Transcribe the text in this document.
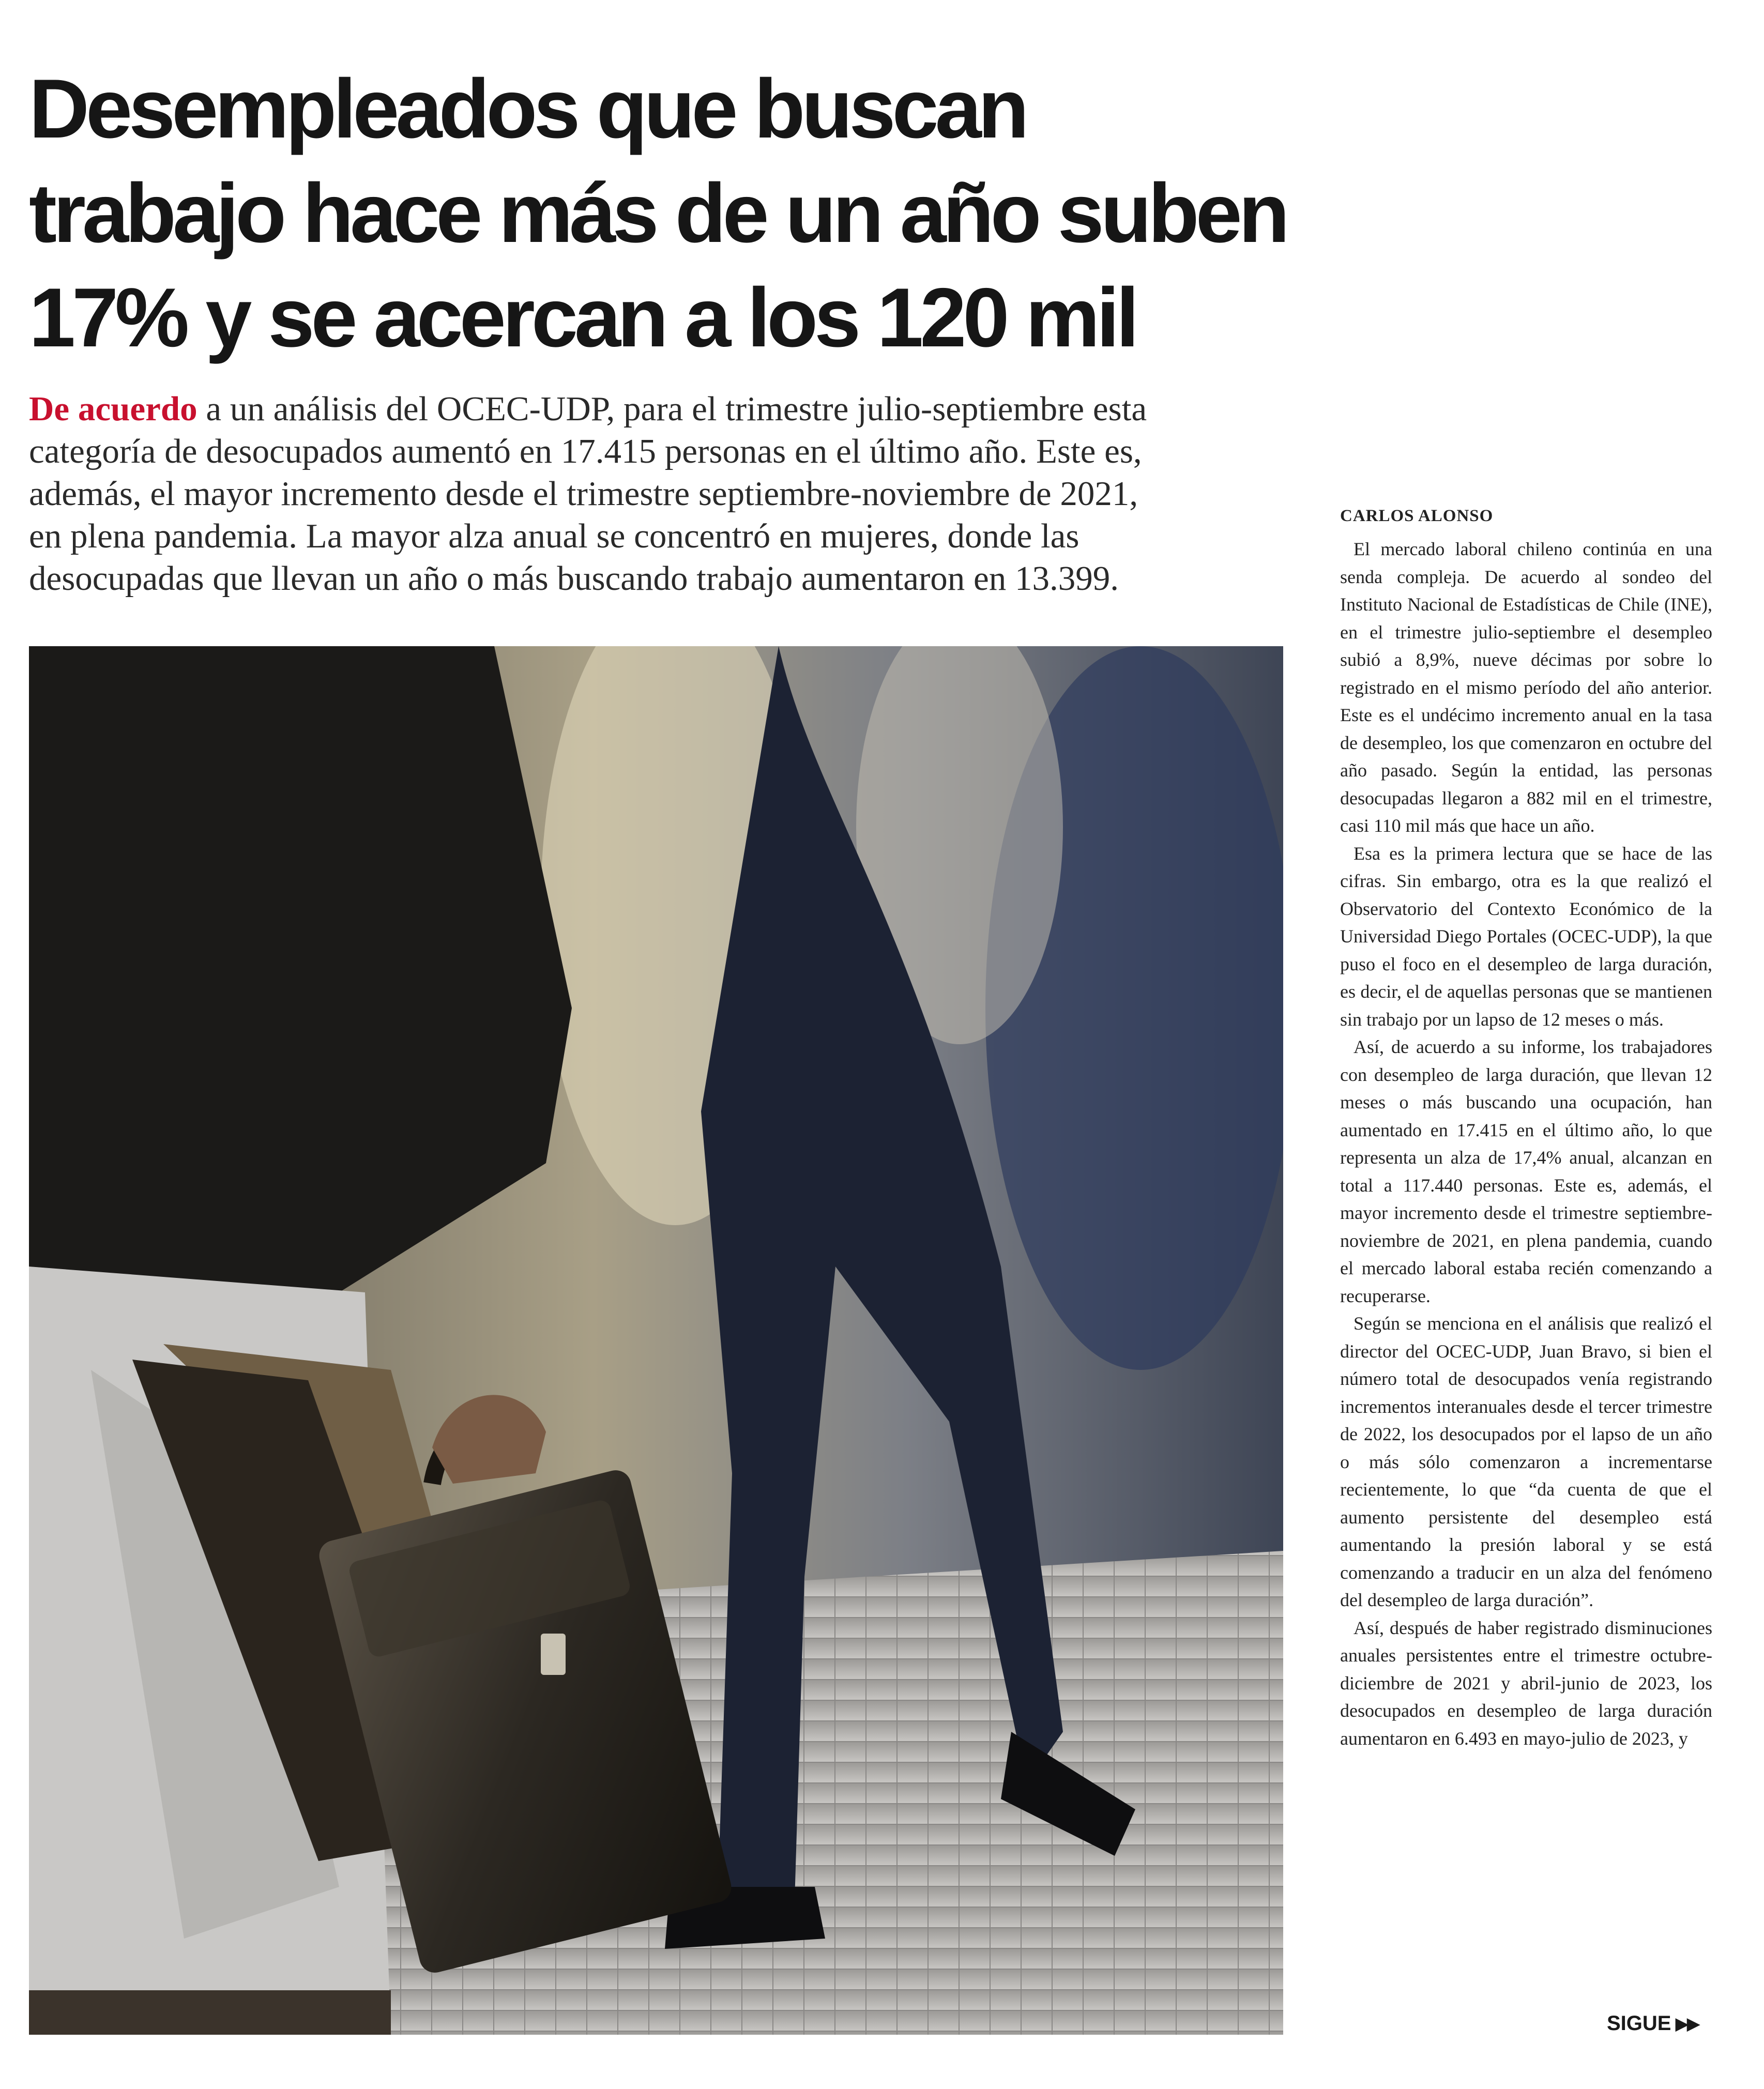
Desempleados que buscan
trabajo hace más de un año suben
17% y se acercan a los 120 mil
De acuerdo a un análisis del OCEC-UDP, para el trimestre julio-septiembre esta
categoría de desocupados aumentó en 17.415 personas en el último año. Este es,
además, el mayor incremento desde el trimestre septiembre-noviembre de 2021,
en plena pandemia. La mayor alza anual se concentró en mujeres, donde las
desocupadas que llevan un año o más buscando trabajo aumentaron en 13.399.
CARLOS ALONSO

El mercado laboral chileno continúa en una senda compleja. De acuerdo al sondeo del Instituto Nacional de Estadísticas de Chile (INE), en el trimestre julio-septiembre el desempleo subió a 8,9%, nueve décimas por sobre lo registrado en el mismo período del año anterior. Este es el undécimo incremento anual en la tasa de desempleo, los que comenzaron en octubre del año pasado. Según la entidad, las personas desocupadas llegaron a 882 mil en el trimestre, casi 110 mil más que hace un año.

Esa es la primera lectura que se hace de las cifras. Sin embargo, otra es la que realizó el Observatorio del Contexto Económico de la Universidad Diego Portales (OCEC-UDP), la que puso el foco en el desempleo de larga duración, es decir, el de aquellas personas que se mantienen sin trabajo por un lapso de 12 meses o más.

Así, de acuerdo a su informe, los trabajadores con desempleo de larga duración, que llevan 12 meses o más buscando una ocupación, han aumentado en 17.415 en el último año, lo que representa un alza de 17,4% anual, alcanzan en total a 117.440 personas. Este es, además, el mayor incremento desde el trimestre septiembre-noviembre de 2021, en plena pandemia, cuando el mercado laboral estaba recién comenzando a recuperarse.

Según se menciona en el análisis que realizó el director del OCEC-UDP, Juan Bravo, si bien el número total de desocupados venía registrando incrementos interanuales desde el tercer trimestre de 2022, los desocupados por el lapso de un año o más sólo comenzaron a incrementarse recientemente, lo que “da cuenta de que el aumento persistente del desempleo está aumentando la presión laboral y se está comenzando a traducir en un alza del fenómeno del desempleo de larga duración”.

Así, después de haber registrado disminuciones anuales persistentes entre el trimestre octubre-diciembre de 2021 y abril-junio de 2023, los desocupados en desempleo de larga duración aumentaron en 6.493 en mayo-julio de 2023, y

SIGUE ▶▶
